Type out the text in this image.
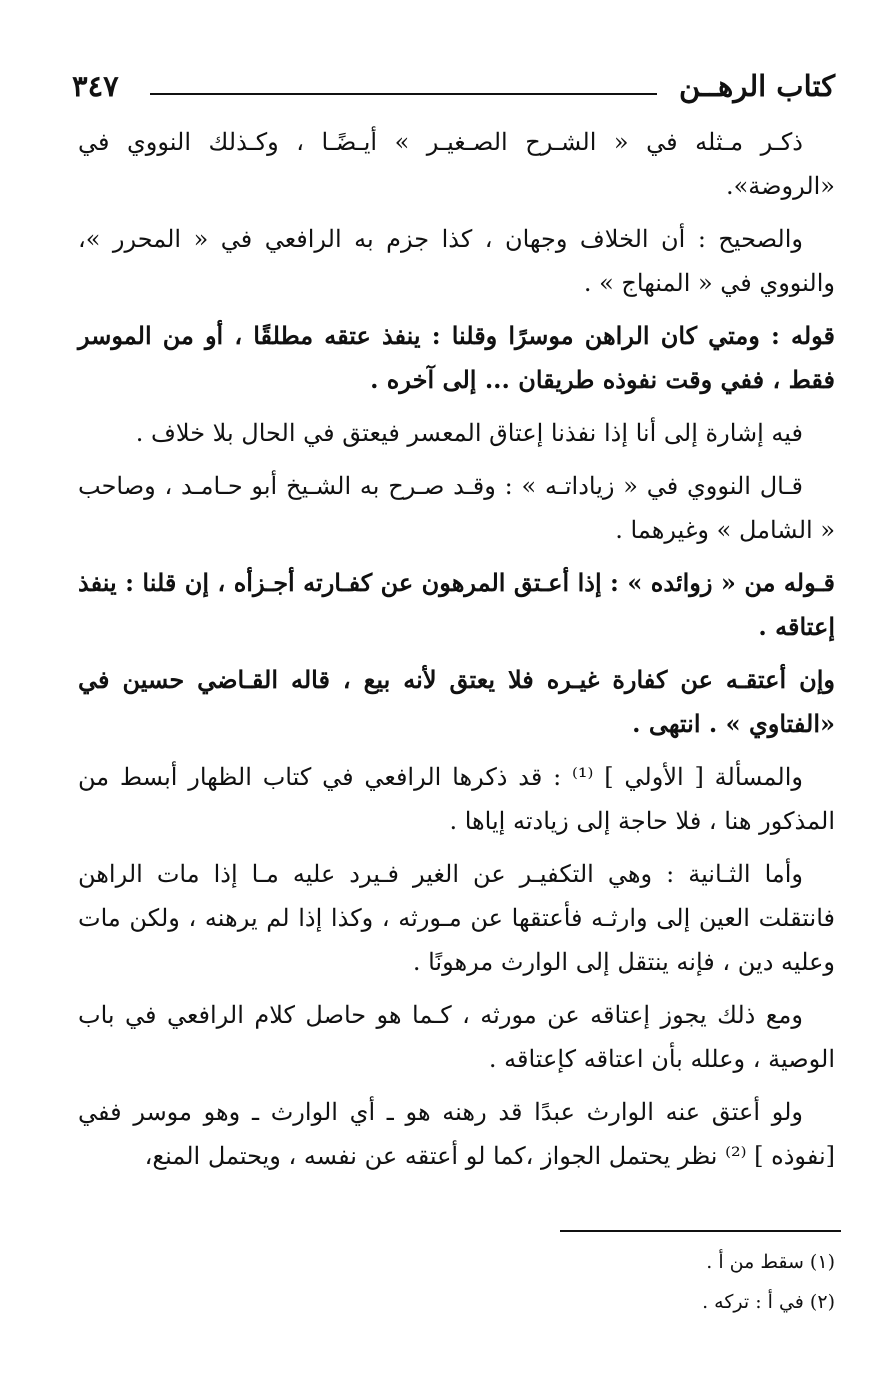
كتاب الرهــن
٣٤٧

ذكـر مـثله في « الشـرح الصـغيـر » أيـضًـا ، وكـذلك النووي في «الروضة».

والصحيح : أن الخلاف وجهان ، كذا جزم به الرافعي في « المحرر »، والنووي في « المنهاج » .

قوله : ومتي كان الراهن موسرًا وقلنا : ينفذ عتقه مطلقًا ، أو من الموسر فقط ، ففي وقت نفوذه طريقان ... إلى آخره .

فيه إشارة إلى أنا إذا نفذنا إعتاق المعسر فيعتق في الحال بلا خلاف .

قـال النووي في « زياداتـه » : وقـد صـرح به الشـيخ أبو حـامـد ، وصاحب « الشامل » وغيرهما .

قـوله من « زوائده » : إذا أعـتق المرهون عن كفـارته أجـزأه ، إن قلنا : ينفذ إعتاقه .

وإن أعتقـه عن كفارة غيـره فلا يعتق لأنه بيع ، قاله القـاضي حسين في «الفتاوي » . انتهى .

والمسألة [ الأولي ] ⁽¹⁾ : قد ذكرها الرافعي في كتاب الظهار أبسط من المذكور هنا ، فلا حاجة إلى زيادته إياها .

وأما الثـانية : وهي التكفيـر عن الغير فـيرد عليه مـا إذا مات الراهن فانتقلت العين إلى وارثـه فأعتقها عن مـورثه ، وكذا إذا لم يرهنه ، ولكن مات وعليه دين ، فإنه ينتقل إلى الوارث مرهونًا .

ومع ذلك يجوز إعتاقه عن مورثه ، كـما هو حاصل كلام الرافعي في باب الوصية ، وعلله بأن اعتاقه كإعتاقه .

ولو أعتق عنه الوارث عبدًا قد رهنه هو ـ أي الوارث ـ وهو موسر ففي [نفوذه ] ⁽²⁾ نظر يحتمل الجواز ،كما لو أعتقه عن نفسه ، ويحتمل المنع،

(١) سقط من أ .

(٢) في أ : تركه .
